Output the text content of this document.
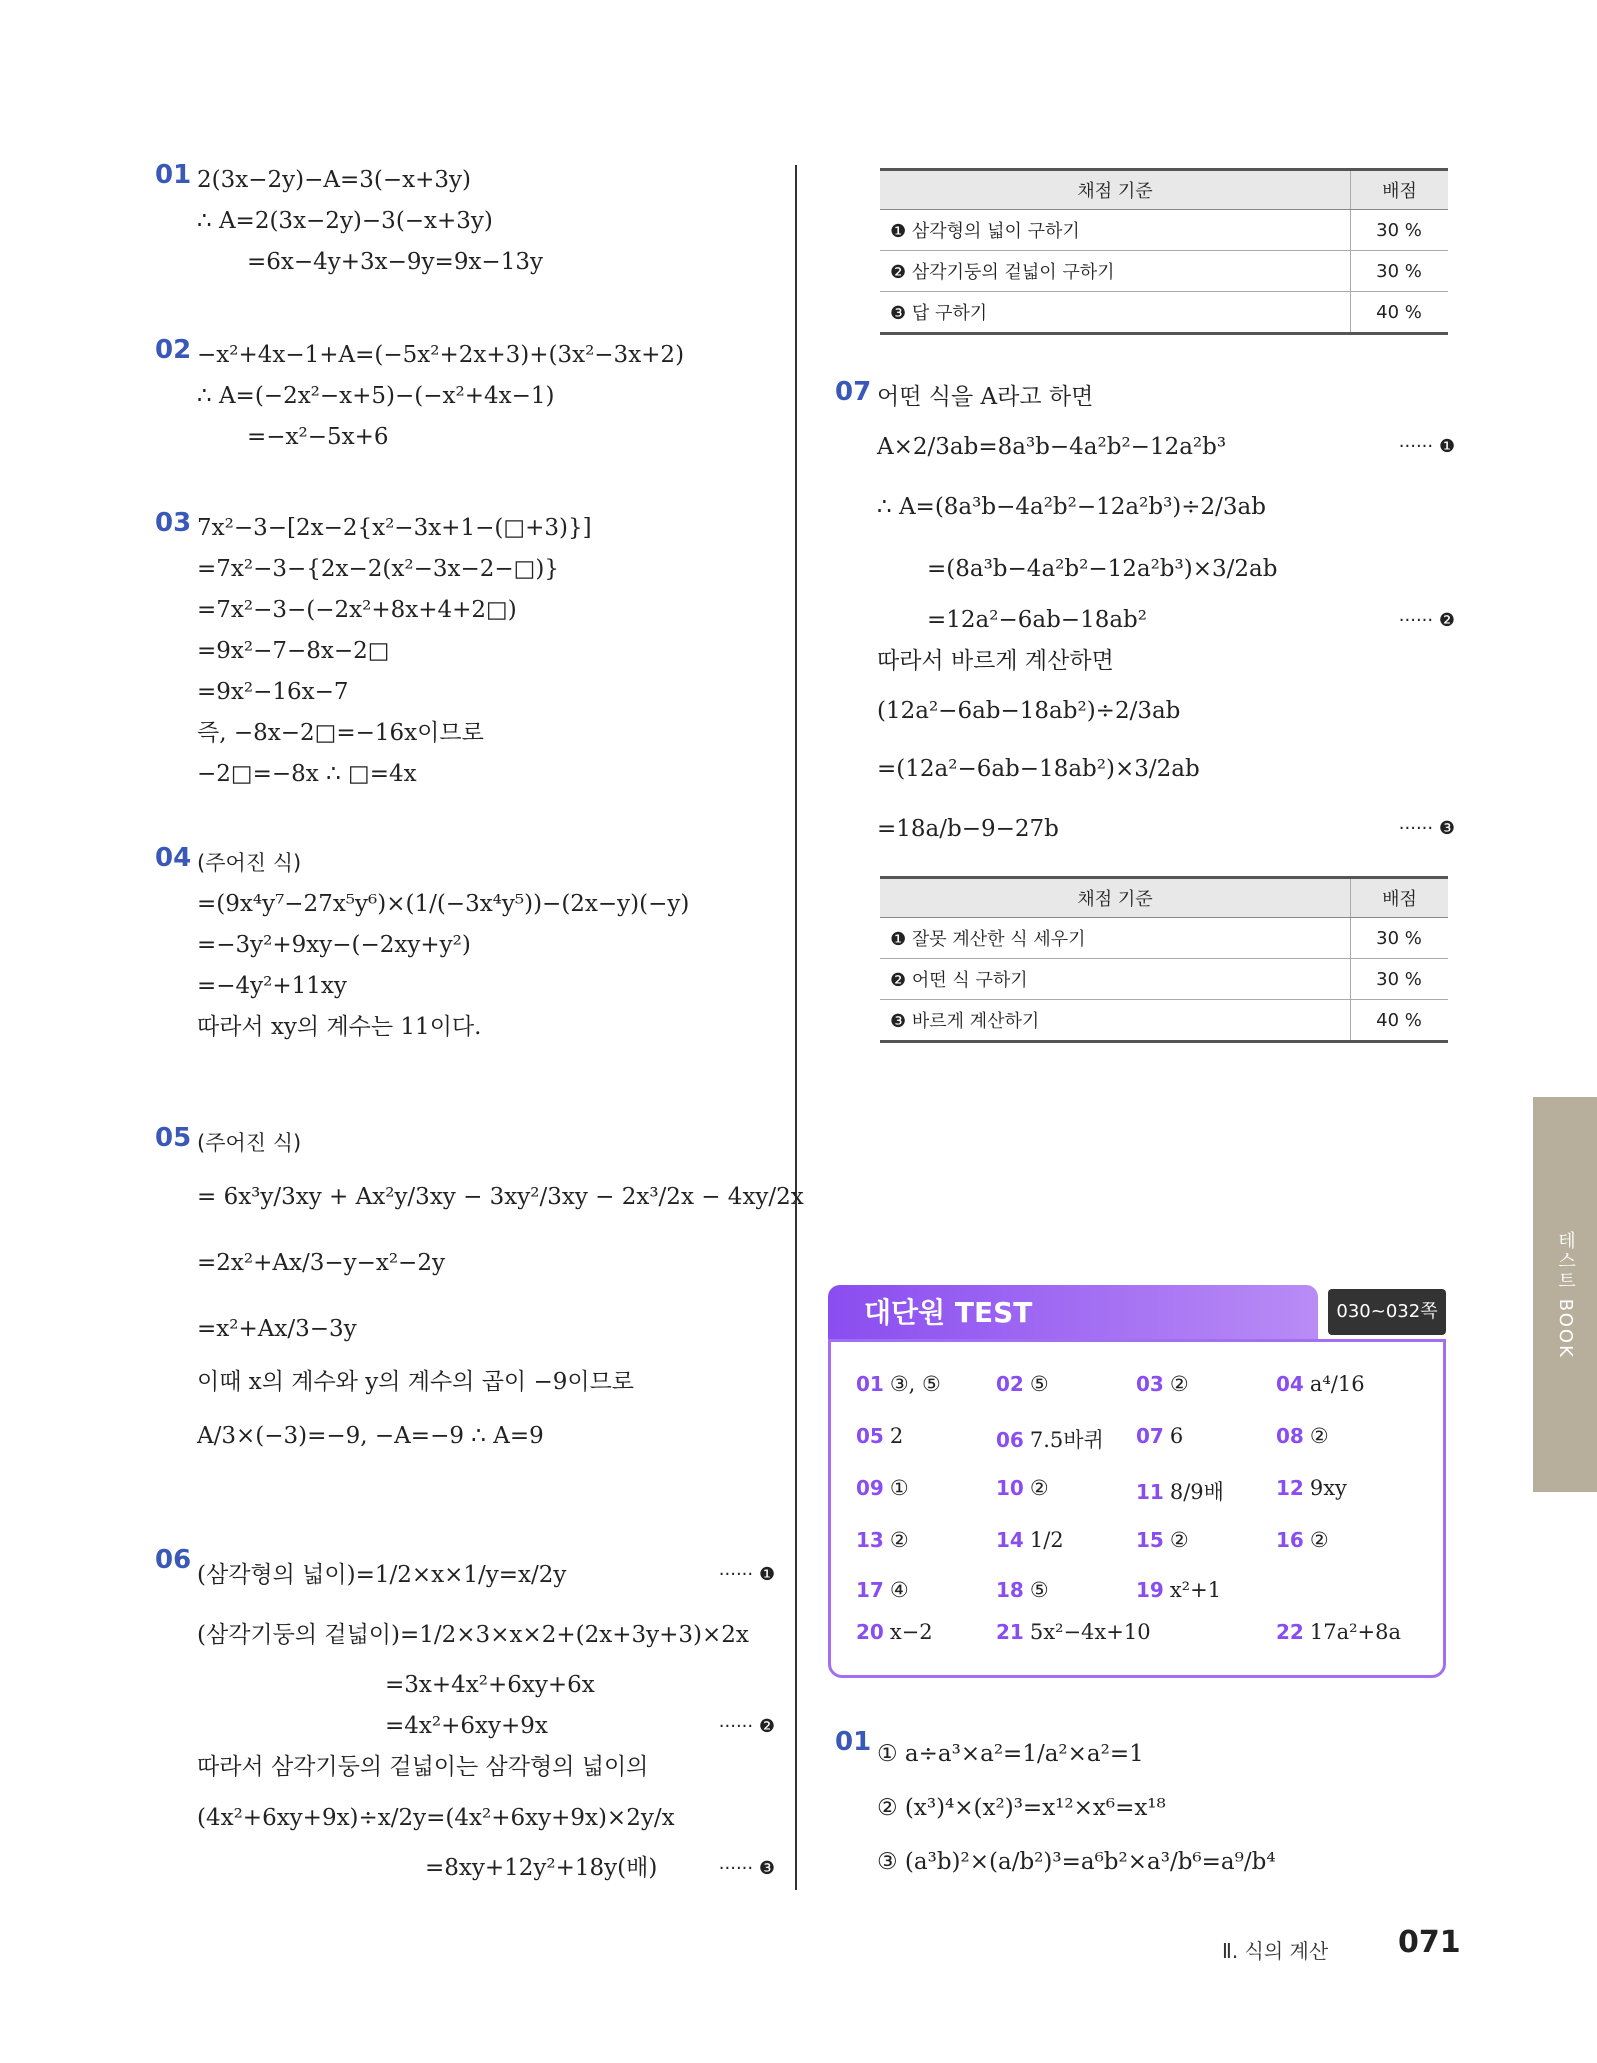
01 2(3x−2y)−A=3(−x+3y)
∴ A=2(3x−2y)−3(−x+3y)
=6x−4y+3x−9y=9x−13y
02 −x²+4x−1+A=(−5x²+2x+3)+(3x²−3x+2)
∴ A=(−2x²−x+5)−(−x²+4x−1)
=−x²−5x+6
03 7x²−3−[2x−2{x²−3x+1−(□+3)}]
=7x²−3−{2x−2(x²−3x−2−□)}
=7x²−3−(−2x²+8x+4+2□)
=9x²−7−8x−2□
=9x²−16x−7
즉, −8x−2□=−16x이므로
−2□=−8x ∴ □=4x
04 (주어진 식)
=(9x⁴y⁷−27x⁵y⁶)×(1/(−3x⁴y⁵))−(2x−y)(−y)
=−3y²+9xy−(−2xy+y²)
=−4y²+11xy
따라서 xy의 계수는 11이다.
05 (주어진 식)
= 6x³y/3xy + Ax²y/3xy − 3xy²/3xy − 2x³/2x − 4xy/2x
=2x²+Ax/3−y−x²−2y
=x²+Ax/3−3y
이때 x의 계수와 y의 계수의 곱이 −9이므로
A/3×(−3)=−9, −A=−9 ∴ A=9
06 (삼각형의 넓이)=1/2×x×1/y=x/2y	······ ❶
(삼각기둥의 겉넓이)=1/2×3×x×2+(2x+3y+3)×2x
=3x+4x²+6xy+6x
=4x²+6xy+9x	······ ❷
따라서 삼각기둥의 겉넓이는 삼각형의 넓이의
(4x²+6xy+9x)÷x/2y=(4x²+6xy+9x)×2y/x
=8xy+12y²+18y(배)	······ ❸
채점 기준	배점
❶ 삼각형의 넓이 구하기	30 %
❷ 삼각기둥의 겉넓이 구하기	30 %
❸ 답 구하기	40 %
07 어떤 식을 A라고 하면
A×2/3ab=8a³b−4a²b²−12a²b³	······ ❶
∴ A=(8a³b−4a²b²−12a²b³)÷2/3ab
=(8a³b−4a²b²−12a²b³)×3/2ab
=12a²−6ab−18ab²	······ ❷
따라서 바르게 계산하면
(12a²−6ab−18ab²)÷2/3ab
=(12a²−6ab−18ab²)×3/2ab
=18a/b−9−27b	······ ❸
채점 기준	배점
❶ 잘못 계산한 식 세우기	30 %
❷ 어떤 식 구하기	30 %
❸ 바르게 계산하기	40 %
대단원 TEST	030~032쪽
01 ③, ⑤	02 ⑤	03 ②	04 a⁴/16
05 2	06 7.5바퀴 07 6	08 ②
09 ①	10 ②	11 8/9배	12 9xy
13 ②	14 1/2	15 ②	16 ②
17 ④	18 ⑤	19 x²+1
20 x−2	21 5x²−4x+10	22 17a²+8a
01 ① a÷a³×a²=1/a²×a²=1
② (x³)⁴×(x²)³=x¹²×x⁶=x¹⁸
③ (a³b)²×(a/b²)³=a⁶b²×a³/b⁶=a⁹/b⁴
테스트 BOOK
Ⅱ. 식의 계산 071
